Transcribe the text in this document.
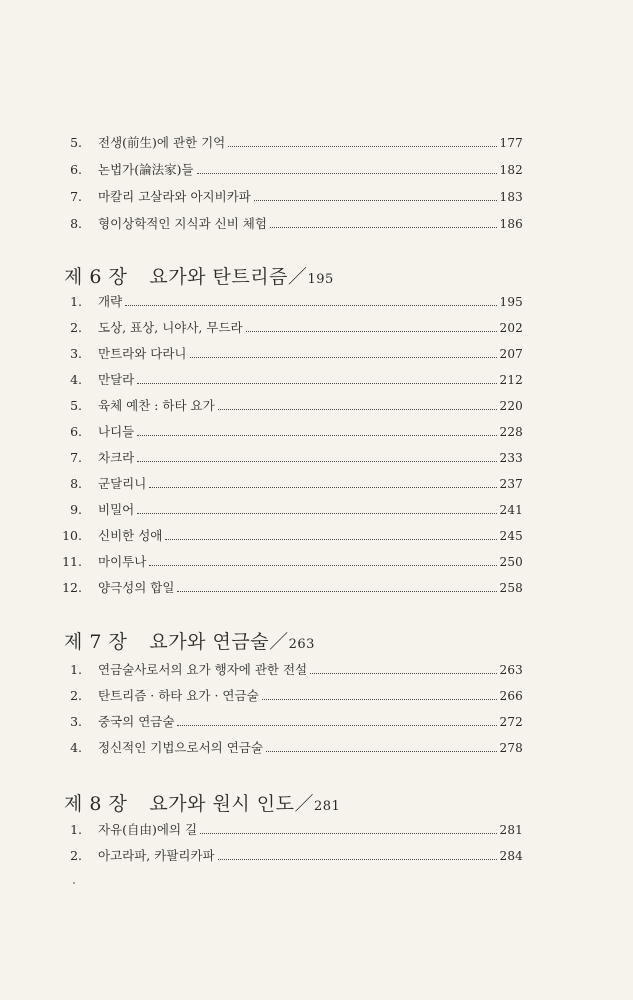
5.	전생(前生)에 관한 기억	177
6.	논법가(論法家)들	182
7.	마칼리 고살라와 아지비카파	183
8.	형이상학적인 지식과 신비 체험	186
제 6 장 요가와 탄트리즘／195
1.	개략	195
2.	도상, 표상, 니야사, 무드라	202
3.	만트라와 다라니	207
4.	만달라	212
5.	육체 예찬 : 하타 요가	220
6.	나디들	228
7.	차크라	233
8.	군달리니	237
9.	비밀어	241
10.	신비한 성애	245
11.	마이투나	250
12.	양극성의 합일	258
제 7 장 요가와 연금술／263
1.	연금술사로서의 요가 행자에 관한 전설	263
2.	탄트리즘 · 하타 요가 · 연금술	266
3.	중국의 연금술	272
4.	정신적인 기법으로서의 연금술	278
제 8 장 요가와 원시 인도／281
1.	자유(自由)에의 길	281
2.	아고라파, 카팔리카파	284
